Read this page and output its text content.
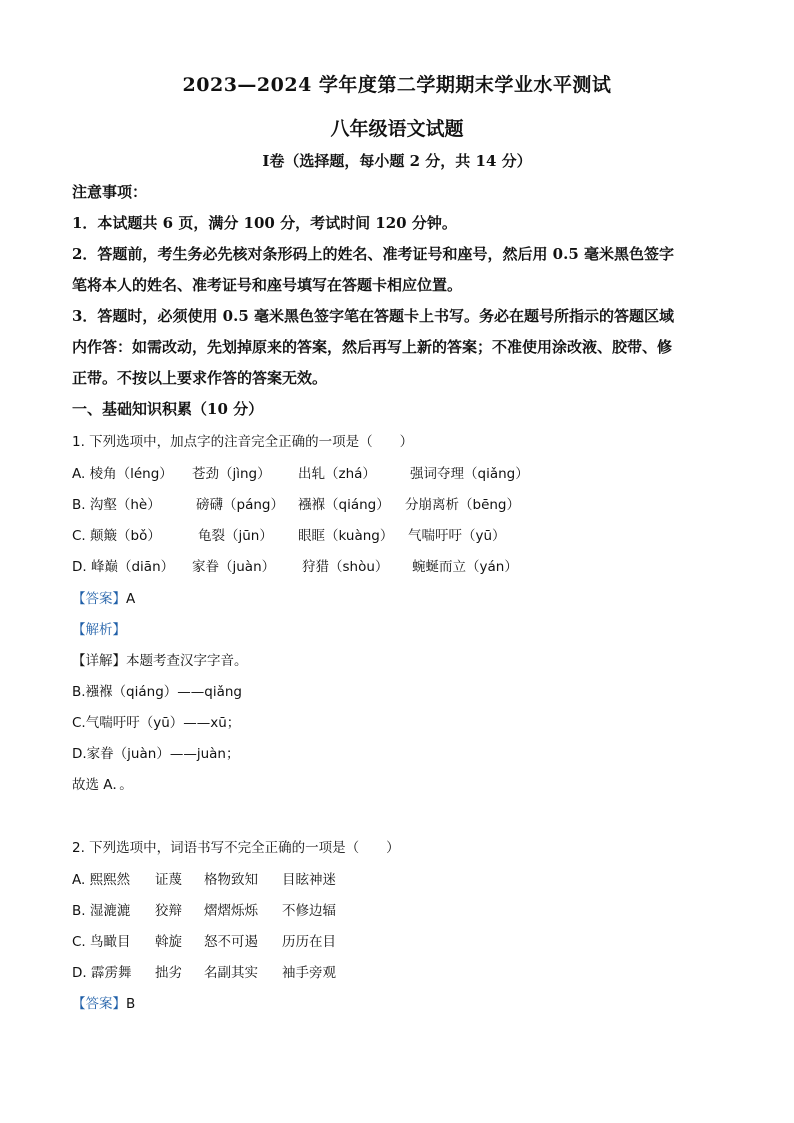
2023—2024 学年度第二学期期末学业水平测试
八年级语文试题
Ⅰ卷（选择题，每小题 2 分，共 14 分）
注意事项：
1．本试题共 6 页，满分 100 分，考试时间 120 分钟。
2．答题前，考生务必先核对条形码上的姓名、准考证号和座号，然后用 0.5 毫米黑色签字
笔将本人的姓名、准考证号和座号填写在答题卡相应位置。
3．答题时，必须使用 0.5 毫米黑色签字笔在答题卡上书写。务必在题号所指示的答题区域
内作答：如需改动，先划掉原来的答案，然后再写上新的答案；不准使用涂改液、胶带、修
正带。不按以上要求作答的答案无效。
一、基础知识积累（10 分）
1. 下列选项中，加点字的注音完全正确的一项是（　　）
A. 棱角（léng） 苍劲（jìng） 出轧（zhá）	强词夺理（qiǎng）
B. 沟壑（hè）	磅礴（páng） 襁褓（qiáng） 分崩离析（bēng）
C. 颠簸（bǒ）	龟裂（jūn） 眼眶（kuàng） 气喘吁吁（yū）
D. 峰巅（diān） 家眷（juàn） 狩猎（shòu） 蜿蜒而立（yán）
【答案】A
【解析】
【详解】本题考查汉字字音。
B.襁褓（qiáng）——qiǎng
C.气喘吁吁（yū）——xū；
D.家眷（juàn）——juàn；
故选 A．。
2. 下列选项中，词语书写不完全正确的一项是（　　）
A. 熙熙然 证蔑 格物致知 目眩神迷
B. 湿漉漉 狡辩 熠熠烁烁 不修边辐
C. 鸟瞰目 斡旋 怒不可遏 历历在目
D. 霹雳舞 拙劣 名副其实 袖手旁观
【答案】B
